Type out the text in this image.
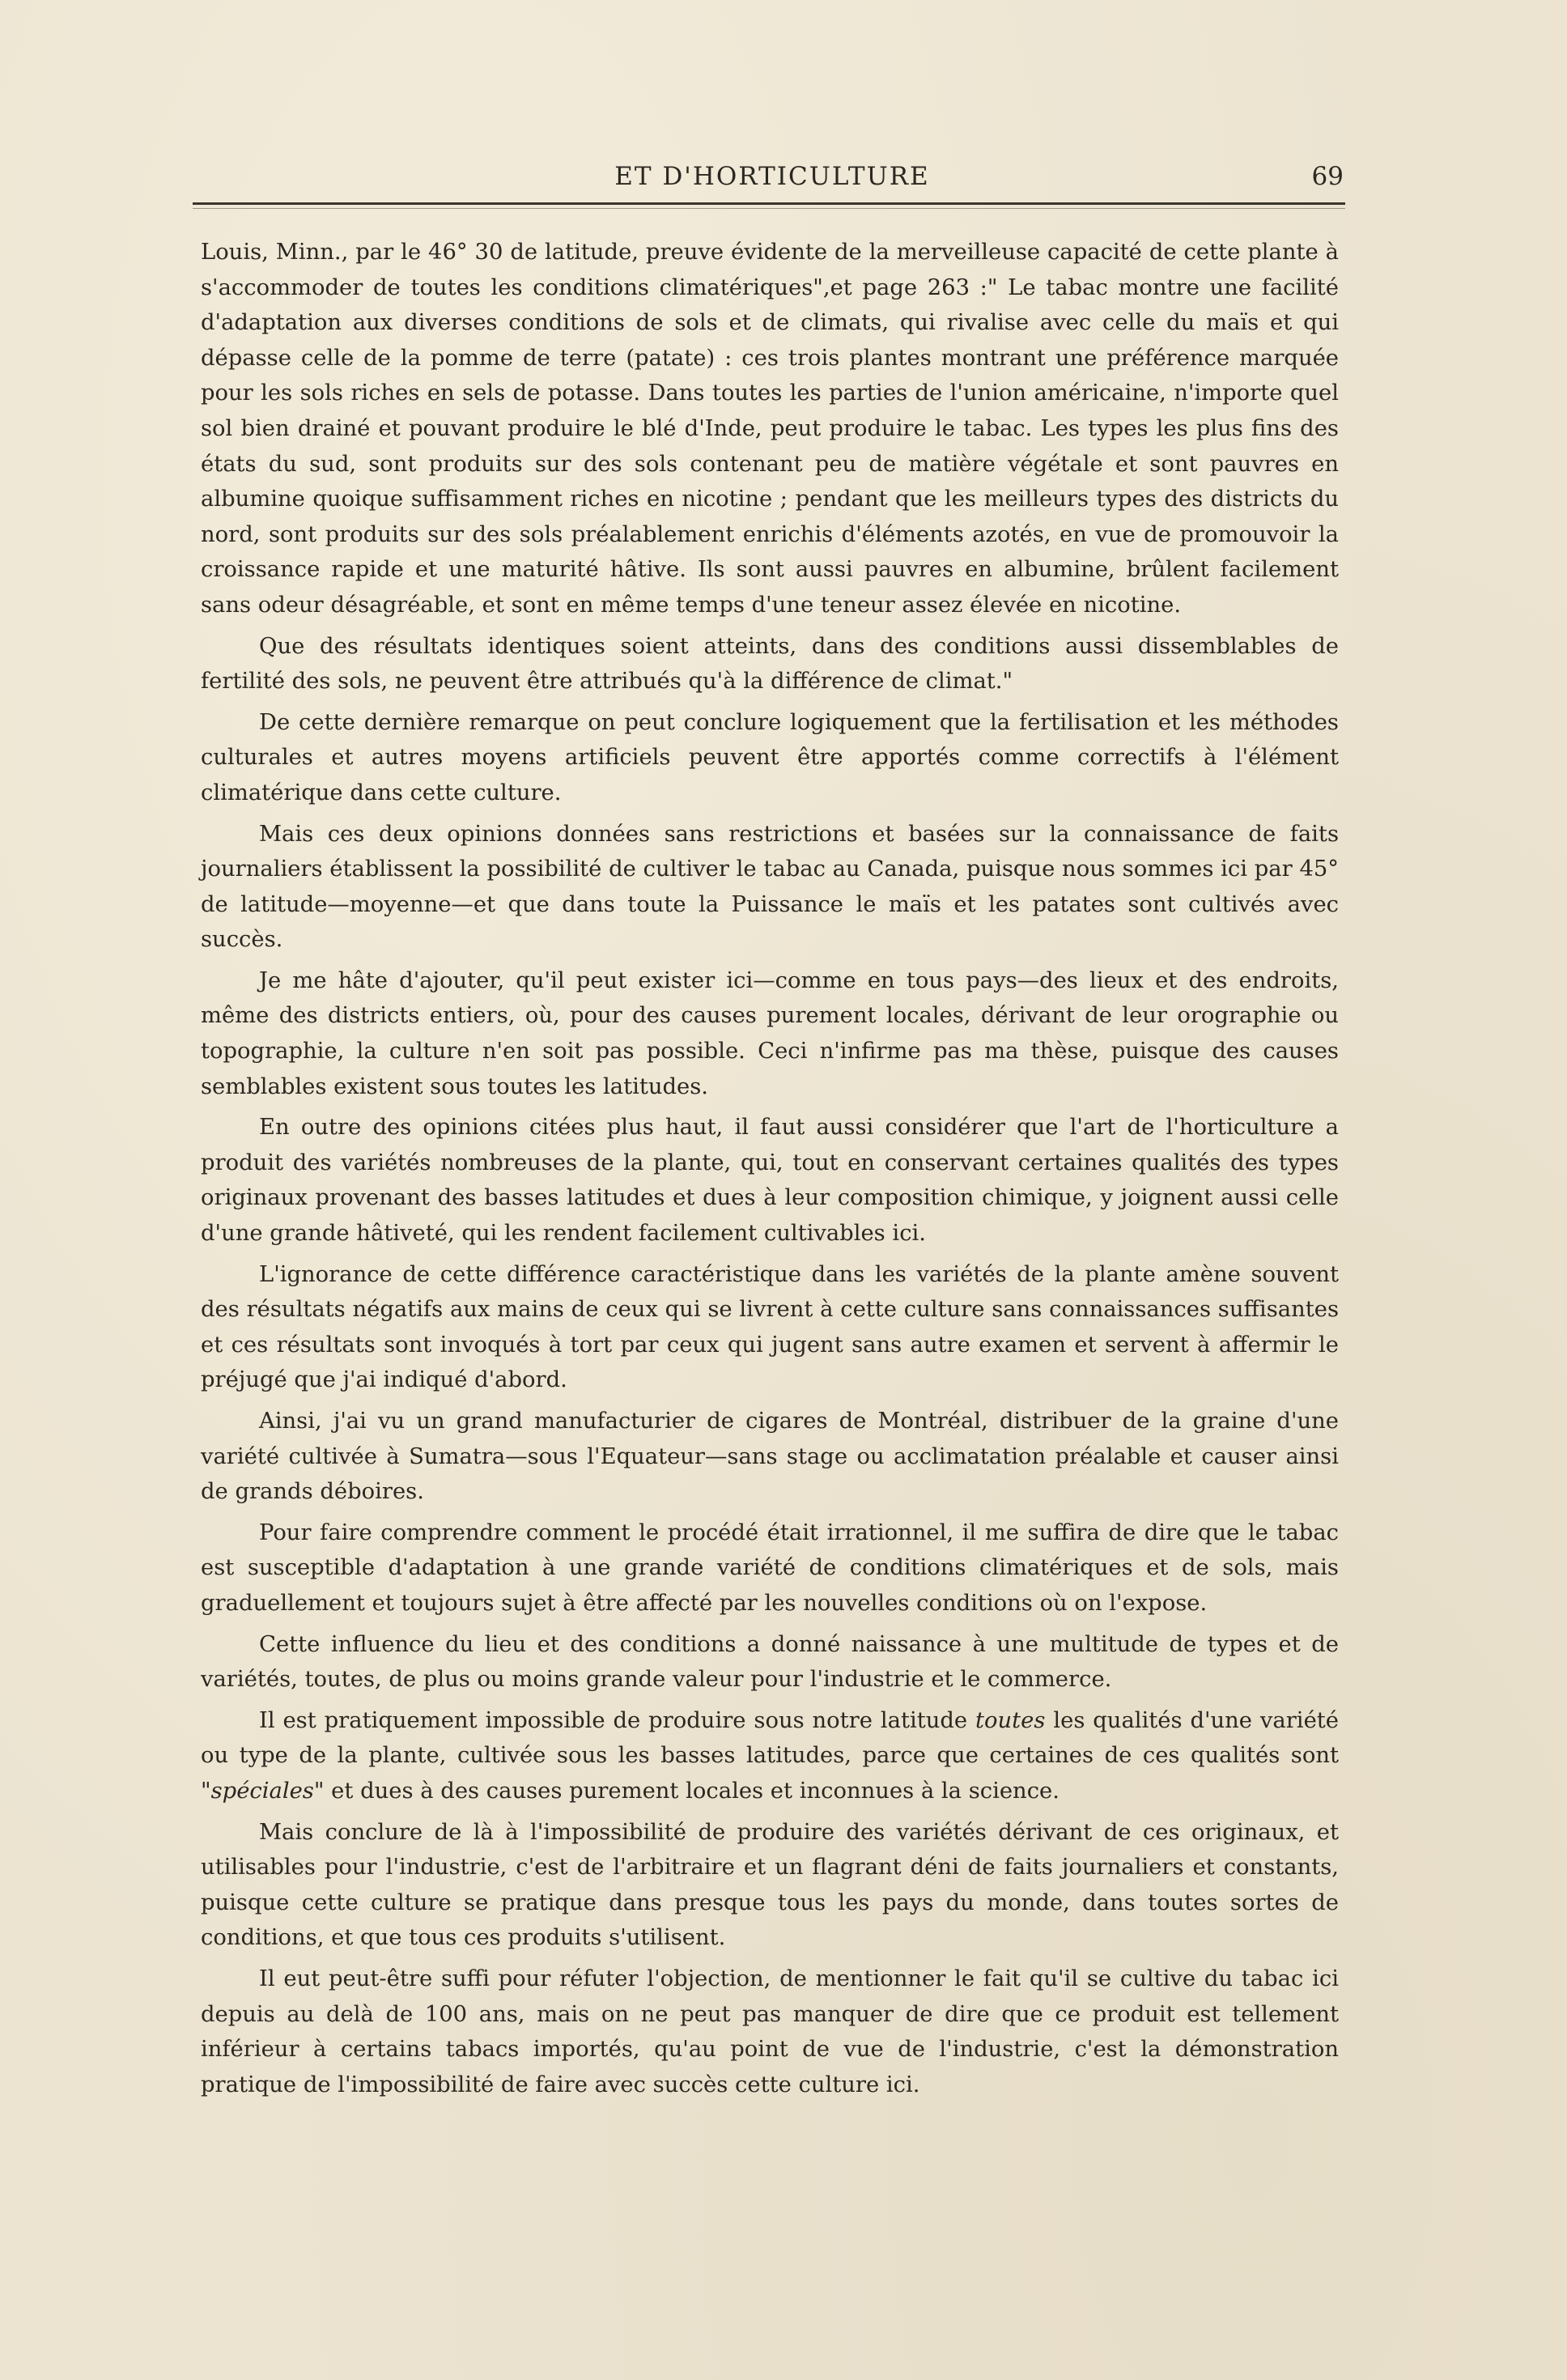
ET D'HORTICULTURE	69

Louis, Minn., par le 46° 30 de latitude, preuve évidente de la merveilleuse capacité de cette plante à s'accommoder de toutes les conditions climatériques",et page 263 :" Le tabac montre une facilité d'adaptation aux diverses conditions de sols et de climats, qui rivalise avec celle du maïs et qui dépasse celle de la pomme de terre (patate) : ces trois plantes montrant une préférence marquée pour les sols riches en sels de potasse. Dans toutes les parties de l'union américaine, n'importe quel sol bien drainé et pouvant produire le blé d'Inde, peut produire le tabac. Les types les plus fins des états du sud, sont produits sur des sols contenant peu de matière végétale et sont pauvres en albumine quoique suffisamment riches en nicotine ; pendant que les meilleurs types des districts du nord, sont produits sur des sols préalablement enrichis d'éléments azotés, en vue de promouvoir la croissance rapide et une maturité hâtive. Ils sont aussi pauvres en albumine, brûlent facilement sans odeur désagréable, et sont en même temps d'une teneur assez élevée en nicotine.

Que des résultats identiques soient atteints, dans des conditions aussi dissemblables de fertilité des sols, ne peuvent être attribués qu'à la différence de climat."

De cette dernière remarque on peut conclure logiquement que la fertilisation et les méthodes culturales et autres moyens artificiels peuvent être apportés comme correctifs à l'élément climatérique dans cette culture.

Mais ces deux opinions données sans restrictions et basées sur la connaissance de faits journaliers établissent la possibilité de cultiver le tabac au Canada, puisque nous sommes ici par 45° de latitude—moyenne—et que dans toute la Puissance le maïs et les patates sont cultivés avec succès.

Je me hâte d'ajouter, qu'il peut exister ici—comme en tous pays—des lieux et des endroits, même des districts entiers, où, pour des causes purement locales, dérivant de leur orographie ou topographie, la culture n'en soit pas possible. Ceci n'infirme pas ma thèse, puisque des causes semblables existent sous toutes les latitudes.

En outre des opinions citées plus haut, il faut aussi considérer que l'art de l'horticulture a produit des variétés nombreuses de la plante, qui, tout en conservant certaines qualités des types originaux provenant des basses latitudes et dues à leur composition chimique, y joignent aussi celle d'une grande hâtiveté, qui les rendent facilement cultivables ici.

L'ignorance de cette différence caractéristique dans les variétés de la plante amène souvent des résultats négatifs aux mains de ceux qui se livrent à cette culture sans connaissances suffisantes et ces résultats sont invoqués à tort par ceux qui jugent sans autre examen et servent à affermir le préjugé que j'ai indiqué d'abord.

Ainsi, j'ai vu un grand manufacturier de cigares de Montréal, distribuer de la graine d'une variété cultivée à Sumatra—sous l'Equateur—sans stage ou acclimatation préalable et causer ainsi de grands déboires.

Pour faire comprendre comment le procédé était irrationnel, il me suffira de dire que le tabac est susceptible d'adaptation à une grande variété de conditions climatériques et de sols, mais graduellement et toujours sujet à être affecté par les nouvelles conditions où on l'expose.

Cette influence du lieu et des conditions a donné naissance à une multitude de types et de variétés, toutes, de plus ou moins grande valeur pour l'industrie et le commerce.

Il est pratiquement impossible de produire sous notre latitude toutes les qualités d'une variété ou type de la plante, cultivée sous les basses latitudes, parce que certaines de ces qualités sont "spéciales" et dues à des causes purement locales et inconnues à la science.

Mais conclure de là à l'impossibilité de produire des variétés dérivant de ces originaux, et utilisables pour l'industrie, c'est de l'arbitraire et un flagrant déni de faits journaliers et constants, puisque cette culture se pratique dans presque tous les pays du monde, dans toutes sortes de conditions, et que tous ces produits s'utilisent.

Il eut peut-être suffi pour réfuter l'objection, de mentionner le fait qu'il se cultive du tabac ici depuis au delà de 100 ans, mais on ne peut pas manquer de dire que ce produit est tellement inférieur à certains tabacs importés, qu'au point de vue de l'industrie, c'est la démonstration pratique de l'impossibilité de faire avec succès cette culture ici.
